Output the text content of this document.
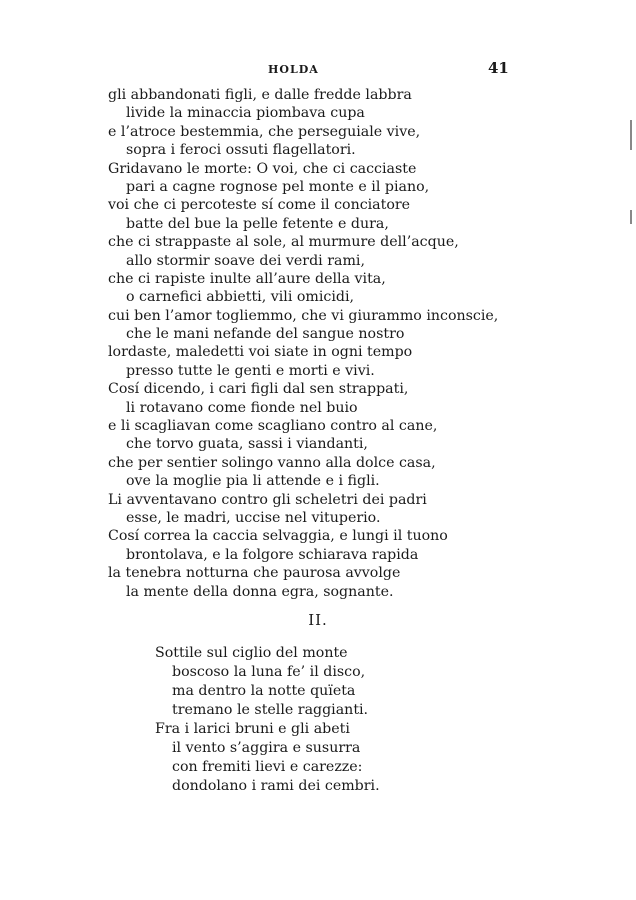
HOLDA	41
gli abbandonati figli, e dalle fredde labbra
livide la minaccia piombava cupa
e l’atroce bestemmia, che perseguiale vive,
sopra i feroci ossuti flagellatori.
Gridavano le morte: O voi, che ci cacciaste
pari a cagne rognose pel monte e il piano,
voi che ci percoteste sí come il conciatore
batte del bue la pelle fetente e dura,
che ci strappaste al sole, al murmure dell’acque,
allo stormir soave dei verdi rami,
che ci rapiste inulte all’aure della vita,
o carnefici abbietti, vili omicidi,
cui ben l’amor togliemmo, che vi giurammo inconscie,
che le mani nefande del sangue nostro
lordaste, maledetti voi siate in ogni tempo
presso tutte le genti e morti e vivi.
Cosí dicendo, i cari figli dal sen strappati,
li rotavano come fionde nel buio
e li scagliavan come scagliano contro al cane,
che torvo guata, sassi i viandanti,
che per sentier solingo vanno alla dolce casa,
ove la moglie pia li attende e i figli.
Li avventavano contro gli scheletri dei padri
esse, le madri, uccise nel vituperio.
Cosí correa la caccia selvaggia, e lungi il tuono
brontolava, e la folgore schiarava rapida
la tenebra notturna che paurosa avvolge
la mente della donna egra, sognante.
II.
Sottile sul ciglio del monte
boscoso la luna fe’ il disco,
ma dentro la notte quïeta
tremano le stelle raggianti.
Fra i larici bruni e gli abeti
il vento s’aggira e susurra
con fremiti lievi e carezze:
dondolano i rami dei cembri.
